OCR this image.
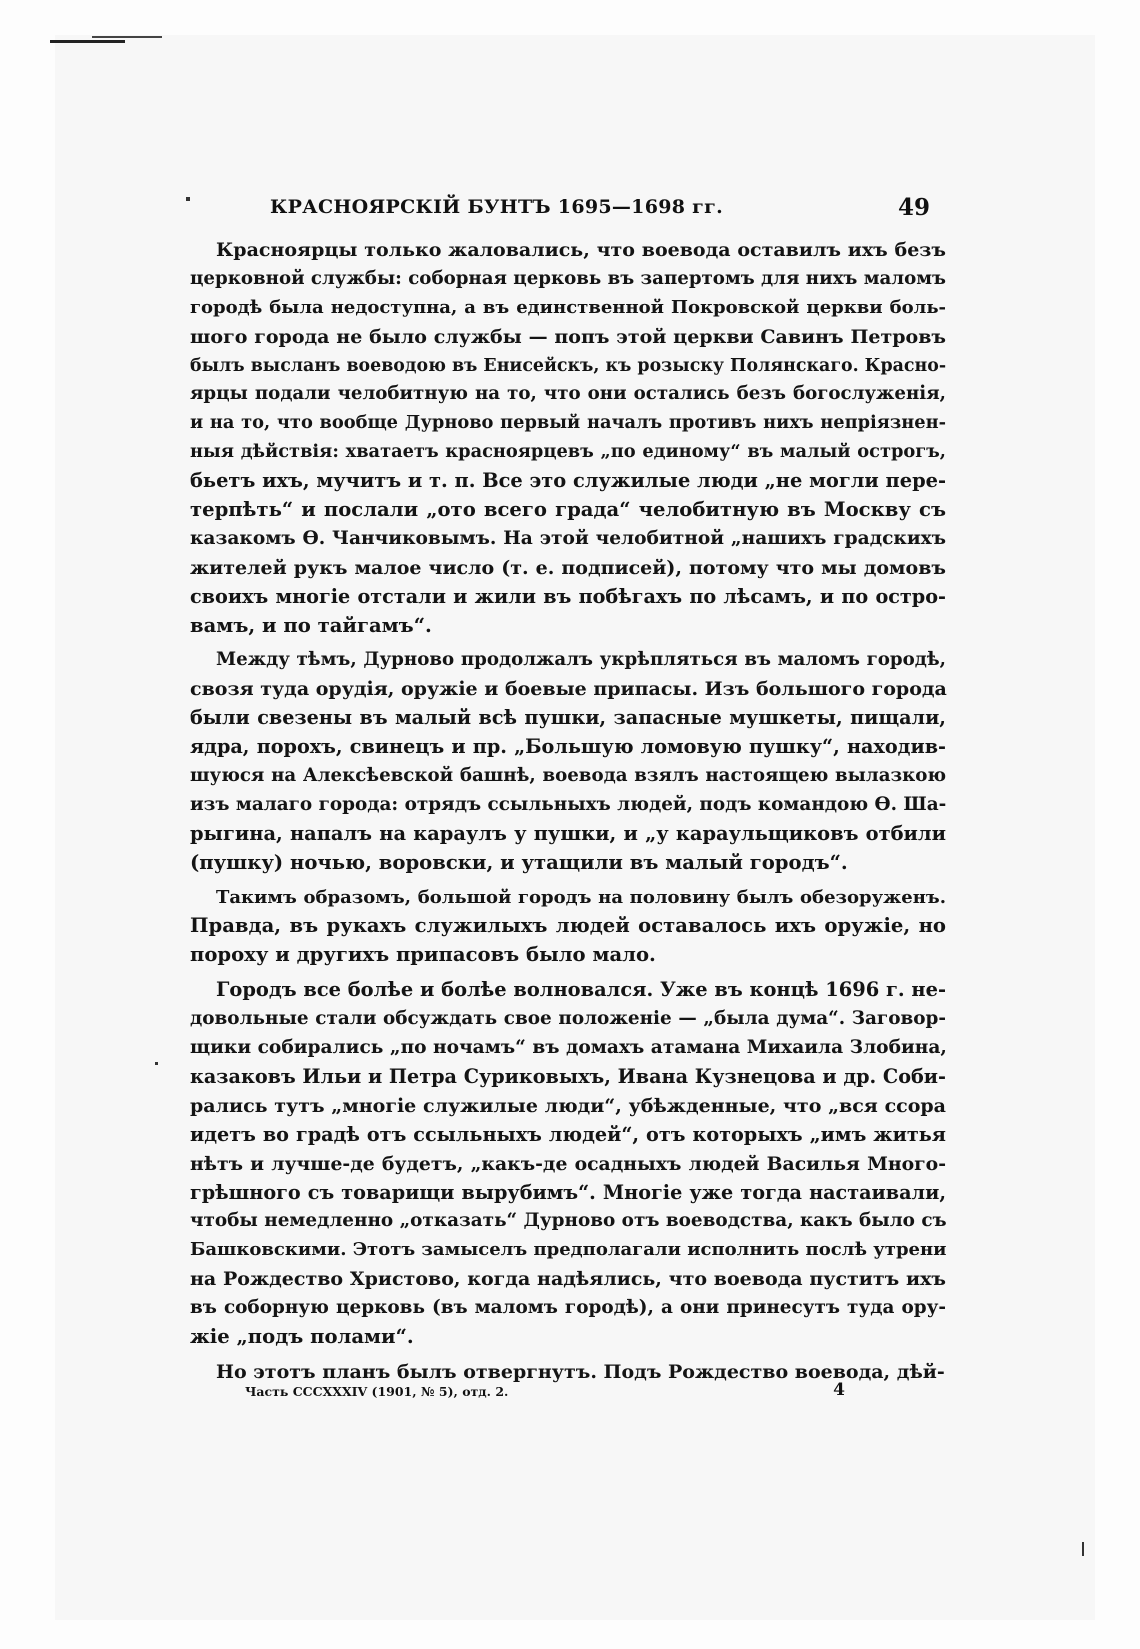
КРАСНОЯРСКІЙ БУНТЪ 1695—1698 гг.	49
Красноярцы только жаловались, что воевода оставилъ ихъ безъ
церковной службы: соборная церковь въ запертомъ для нихъ маломъ
городѣ была недоступна, а въ единственной Покровской церкви боль-
шого города не было службы — попъ этой церкви Савинъ Петровъ
былъ высланъ воеводою въ Енисейскъ, къ розыску Полянскаго. Красно-
ярцы подали челобитную на то, что они остались безъ богослуженія,
и на то, что вообще Дурново первый началъ противъ нихъ непріязнен-
ныя дѣйствія: хватаетъ красноярцевъ „по единому“ въ малый острогъ,
бьетъ ихъ, мучитъ и т. п. Все это служилые люди „не могли пере-
терпѣть“ и послали „ото всего града“ челобитную въ Москву съ
казакомъ Ѳ. Чанчиковымъ. На этой челобитной „нашихъ градскихъ
жителей рукъ малое число (т. е. подписей), потому что мы домовъ
своихъ многіе отстали и жили въ побѣгахъ по лѣсамъ, и по остро-
вамъ, и по тайгамъ“.
Между тѣмъ, Дурново продолжалъ укрѣпляться въ маломъ городѣ,
свозя туда орудія, оружіе и боевые припасы. Изъ большого города
были свезены въ малый всѣ пушки, запасные мушкеты, пищали,
ядра, порохъ, свинецъ и пр. „Большую ломовую пушку“, находив-
шуюся на Алексѣевской башнѣ, воевода взялъ настоящею вылазкою
изъ малаго города: отрядъ ссыльныхъ людей, подъ командою Ѳ. Ша-
рыгина, напалъ на караулъ у пушки, и „у караульщиковъ отбили
(пушку) ночью, воровски, и утащили въ малый городъ“.
Такимъ образомъ, большой городъ на половину былъ обезоруженъ.
Правда, въ рукахъ служилыхъ людей оставалось ихъ оружіе, но
пороху и другихъ припасовъ было мало.
Городъ все болѣе и болѣе волновался. Уже въ концѣ 1696 г. не-
довольные стали обсуждать свое положеніе — „была дума“. Заговор-
щики собирались „по ночамъ“ въ домахъ атамана Михаила Злобина,
казаковъ Ильи и Петра Суриковыхъ, Ивана Кузнецова и др. Соби-
рались тутъ „многіе служилые люди“, убѣжденные, что „вся ссора
идетъ во градѣ отъ ссыльныхъ людей“, отъ которыхъ „имъ житья
нѣтъ и лучше-де будетъ, „какъ-де осадныхъ людей Василья Много-
грѣшного съ товарищи вырубимъ“. Многіе уже тогда настаивали,
чтобы немедленно „отказать“ Дурново отъ воеводства, какъ было съ
Башковскими. Этотъ замыселъ предполагали исполнить послѣ утрени
на Рождество Христово, когда надѣялись, что воевода пуститъ ихъ
въ соборную церковь (въ маломъ городѣ), а они принесутъ туда ору-
жіе „подъ полами“.
Но этотъ планъ былъ отвергнутъ. Подъ Рождество воевода, дѣй-
Часть CCCXXXIV (1901, № 5), отд. 2.	4
